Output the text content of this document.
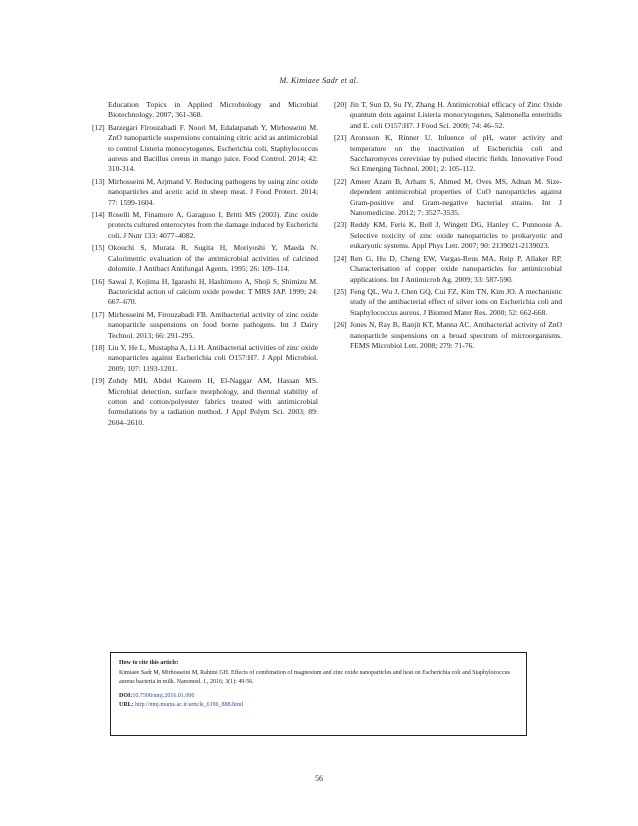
M. Kimiaee Sadr et al.
Education Topics in Applied Microbiology and Microbial Biotechnology. 2007; 361-368.
[12] Barzegari Firouzabadi F. Noori M, Edalatpanah Y, Mirhosseini M. ZnO nanoparticle suspensions containing citric acid as antimicrobial to control Listeria monocytogenes, Escherichia coli, Staphylococcus aureus and Bacillus cereus in mango juice. Food Control. 2014; 42: 310-314.
[13] Mirhosseini M, Arjmand V. Reducing pathogens by using zinc oxide nanoparticles and acetic acid in sheep meat. J Food Protect. 2014; 77: 1599-1604.
[14] Roselli M, Finamore A, Garaguso I, Britti MS (2003). Zinc oxide protects cultured enterocytes from the damage induced by Escherichi coli. J Nutr 133: 4077–4082.
[15] Okouchi S, Murata R, Sugita H, Moriyoshi Y, Maeda N. Calorimetric evaluation of the antimicrobial activities of calcined dolomite. J Antibact Antifungal Agents. 1995; 26: 109–114.
[16] Sawai J, Kojima H, Igarashi H, Hashimoto A, Shoji S, Shimizu M. Bactericidal action of calcium oxide powder. T MRS JAP. 1999; 24: 667–670.
[17] Mirhosseini M, Firouzabadi FB. Antibacterial activity of zinc oxide nanoparticle suspensions on food borne pathogens. Int J Dairy Technol. 2013; 66: 291-295.
[18] Liu Y, He L, Mustapha A, Li H. Antibacterial activities of zinc oxide nanoparticles against Escherichia coli O157:H7. J Appl Microbiol. 2009; 107: 1193-1201.
[19] Zohdy MH, Abdel Kareem H, El-Naggar AM, Hassan MS. Microbial detection, surface morphology, and thermal stability of cotton and cotton/polyester fabrics treated with antimicrobial formulations by a radiation method. J Appl Polym Sci. 2003; 89: 2604–2610.
[20] Jin T, Sun D, Su JY, Zhang H. Antimicrobial efficacy of Zinc Oxide quantum dots against Listeria monocytogenes, Salmonella enteritidis and E. coli O157:H7. J Food Sci. 2009; 74: 46–52.
[21] Aronsson K, Rinner U. Inluence of pH, water activity and temperature on the inactivation of Escherichia coli and Saccharomyces cerevisiae by pulsed electric fields. Innovative Food Sci Emerging Technol. 2001; 2: 105-112.
[22] Ameer Azam B, Arham S, Ahmed M, Oves MS, Adnan M. Size- dependent antimicrobial properties of CuO nanoparticles against Gram-positive and Gram-negative bacterial strains. Int J Nanomedicine. 2012; 7: 3527-3535.
[23] Reddy KM, Feris K, Bell J, Wingett DG, Hanley C, Punnoose A. Selective toxicity of zinc oxide nanoparticles to prokaryotic and eukaryotic systems. Appl Phys Lett. 2007; 90: 2139021-2139023.
[24] Ren G, Hu D, Cheng EW, Vargas-Reus MA, Reip P, Allaker RP. Characterisation of copper oxide nanoparticles for antimicrobial applications. Int J Antimicrob Ag. 2009; 33: 587-590.
[25] Feng QL, Wu J, Chen GQ, Cui FZ, Kim TN, Kim JO. A mechanistic study of the antibacterial effect of silver ions on Escherichia coli and Staphylococcus aureus. J Biomed Mater Res. 2000; 52: 662-668.
[26] Jones N, Ray B, Ranjit KT, Manna AC. Antibacterial activity of ZnO nanoparticle suspensions on a broad spectrum of microorganisms. FEMS Microbiol Lett. 2008; 279: 71-76.
How to cite this article:
Kimiaee Sadr M, Mirhosseini M, Rahimi GH. Effects of combination of magnesium and zinc oxide nanoparticles and heat on Escherichia coli and Staphylococcus aureus bacteria in milk. Nanomed. J., 2016; 3(1): 49-56.
DOI:10.7508/nmj.2016.01.006
URL: http://nmj.mums.ac.ir/article_6196_888.html
56
